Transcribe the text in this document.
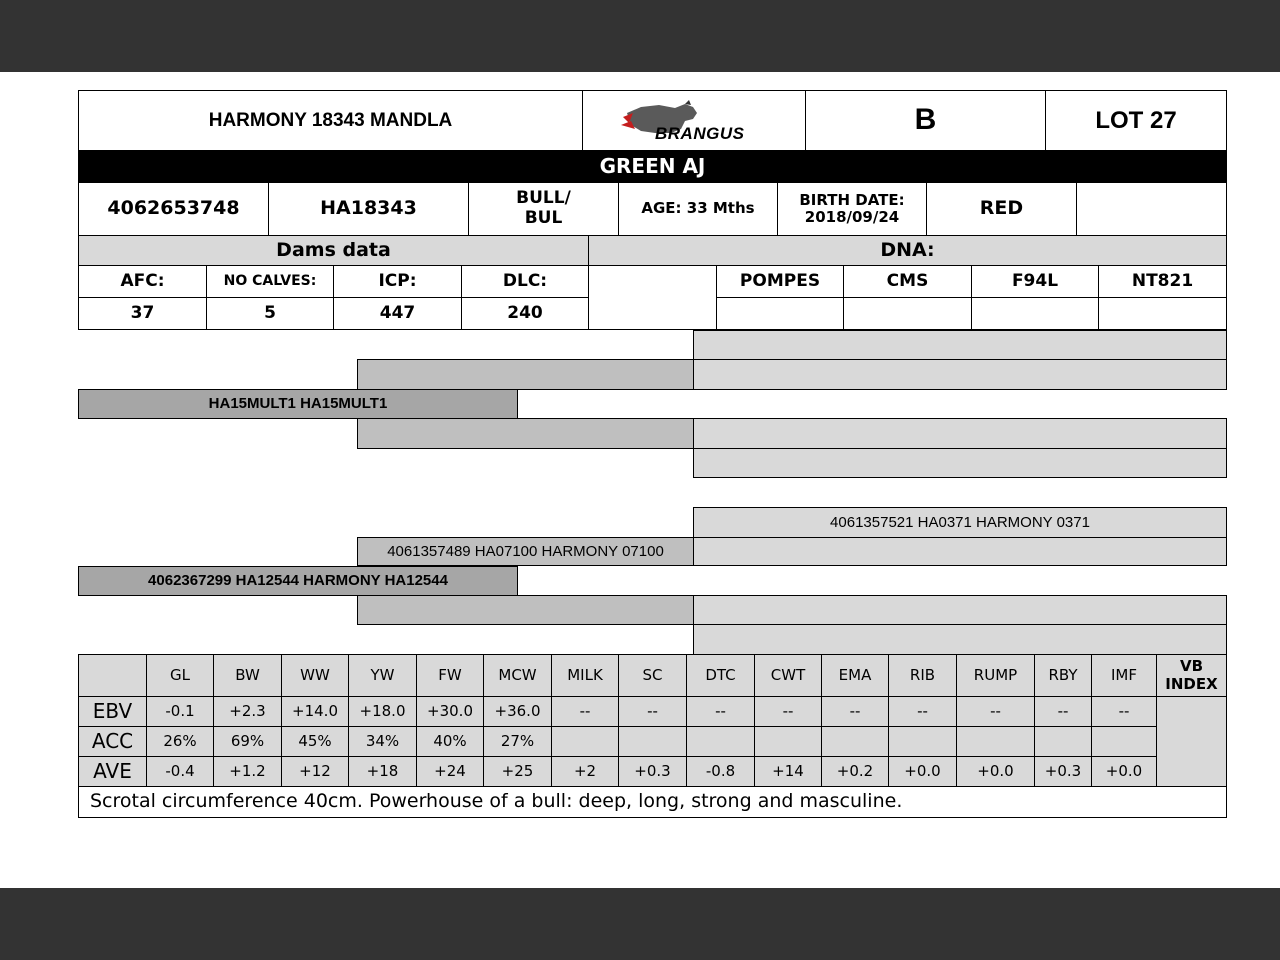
HARMONY 18343 MANDLA
BRANGUS	B	LOT 27
GREEN AJ
4062653748	HA18343	BULL/
BUL	AGE: 33 Mths	BIRTH DATE:
2018/09/24	RED
Dams data	DNA:
AFC:	NO CALVES:	ICP:	DLC:
37	5	447	240
POMPES	CMS	F94L	NT821
HA15MULT1 HA15MULT1
4061357521 HA0371 HARMONY 0371
4061357489 HA07100 HARMONY 07100
4062367299 HA12544 HARMONY HA12544
GL	BW	WW	YW	FW	MCW	MILK	SC	DTC	CWT	EMA	RIB	RUMP	RBY	IMF	VB
INDEX
EBV	-0.1	+2.3	+14.0	+18.0	+30.0	+36.0	--	--	--	--	--	--	--	--	--
ACC	26%	69%	45%	34%	40%	27%
AVE	-0.4	+1.2	+12	+18	+24	+25	+2	+0.3	-0.8	+14	+0.2	+0.0	+0.0	+0.3	+0.0
Scrotal circumference 40cm. Powerhouse of a bull: deep, long, strong and masculine.
